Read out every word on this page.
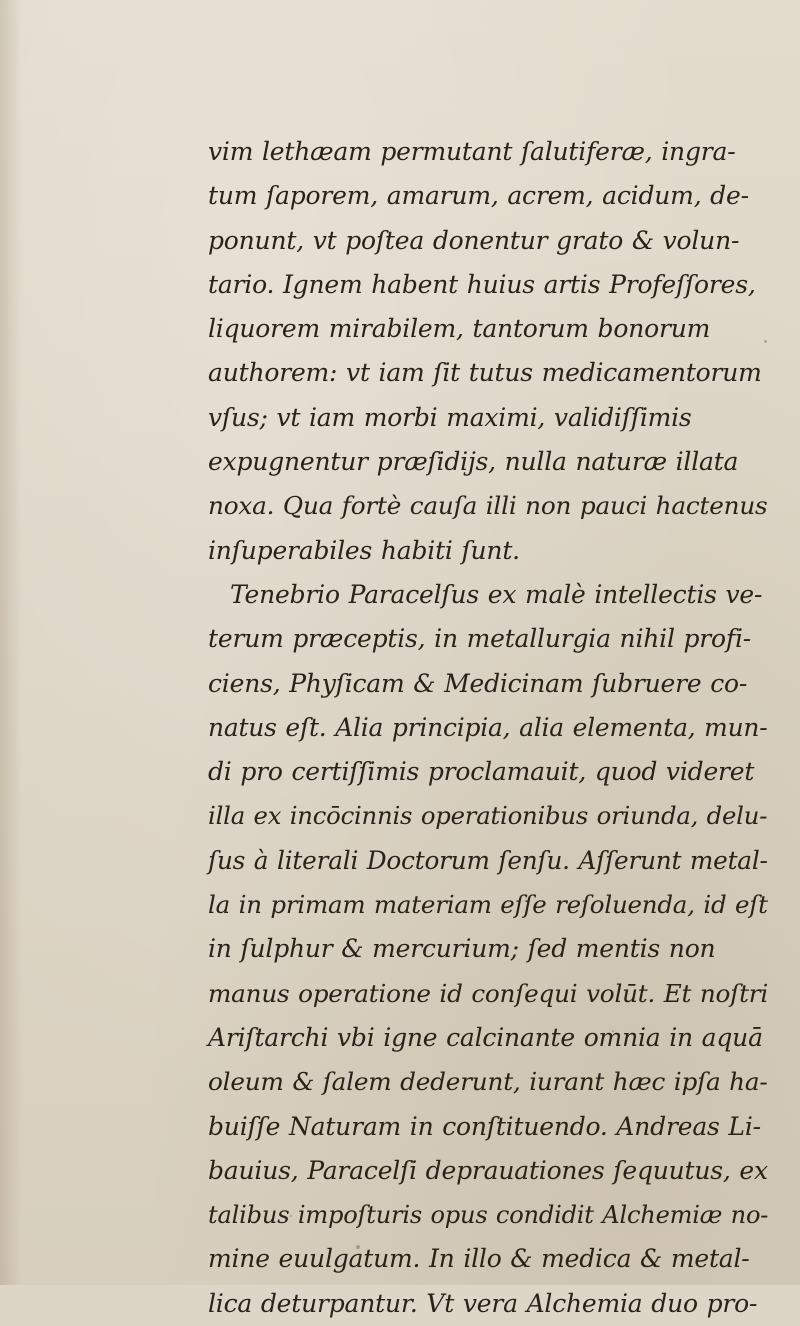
vim lethæam permutant ſalutiferæ, ingra-
tum ſaporem, amarum, acrem, acidum, de-
ponunt, vt poſtea donentur grato & volun-
tario. Ignem habent huius artis Profeſſores,
liquorem mirabilem, tantorum bonorum
authorem: vt iam ſit tutus medicamentorum
vſus; vt iam morbi maximi, validiſſimis
expugnentur præſidijs, nulla naturæ illata
noxa. Qua fortè cauſa illi non pauci hactenus
inſuperabiles habiti ſunt.
Tenebrio Paracelſus ex malè intellectis ve-
terum præceptis, in metallurgia nihil profi-
ciens, Phyſicam & Medicinam ſubruere co-
natus eſt. Alia principia, alia elementa, mun-
di pro certiſſimis proclamauit, quod videret
illa ex incōcinnis operationibus oriunda, delu-
ſus à literali Doctorum ſenſu. Aſſerunt metal-
la in primam materiam eſſe reſoluenda, id eſt
in ſulphur & mercurium; ſed mentis non
manus operatione id conſequi volūt. Et noſtri
Ariſtarchi vbi igne calcinante omnia in aquā
oleum & ſalem dederunt, iurant hæc ipſa ha-
buiſſe Naturam in conſtituendo. Andreas Li-
bauius, Paracelſi deprauationes ſequutus, ex
talibus impoſturis opus condidit Alchemiæ no-
mine euulgatum. In illo & medica & metal-
lica deturpantur. Vt vera Alchemia duo pro-
